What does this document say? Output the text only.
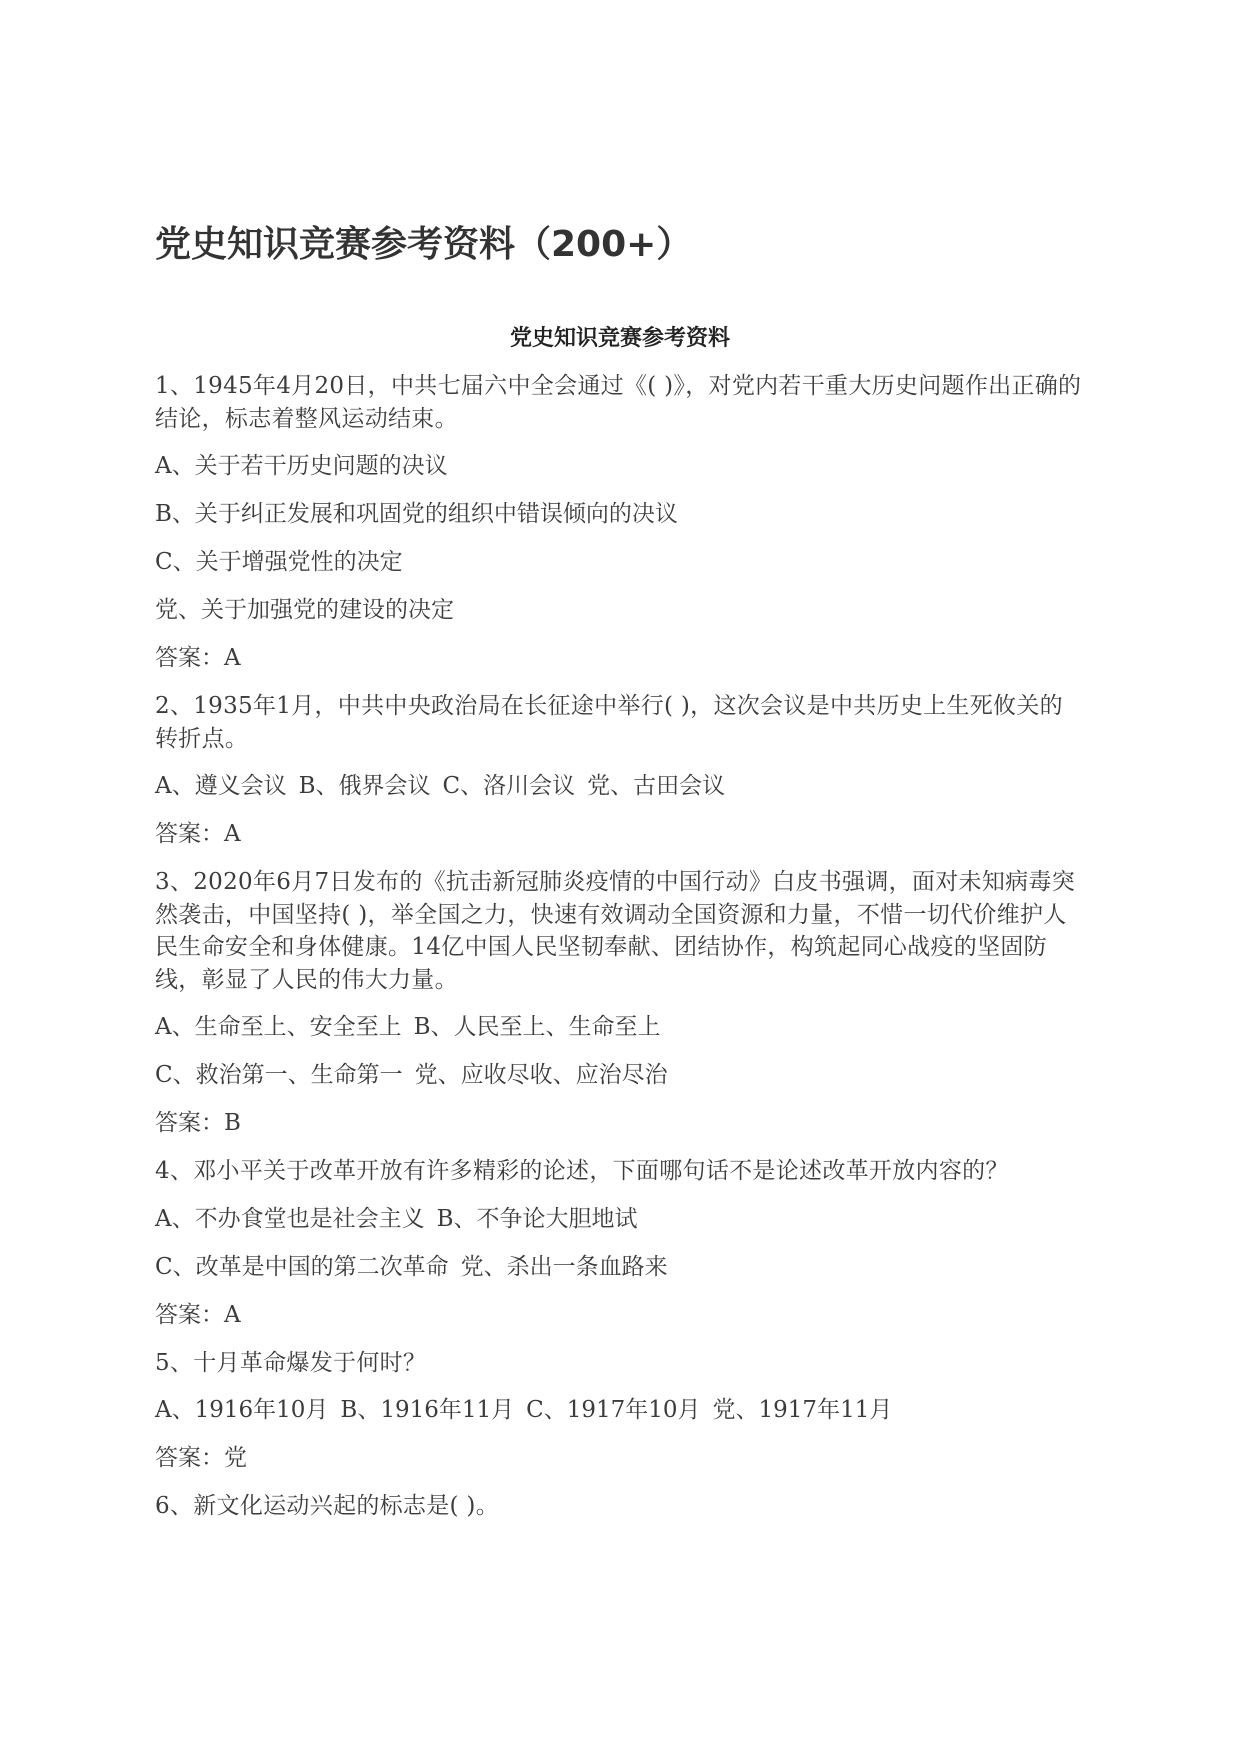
党史知识竞赛参考资料（200+）
党史知识竞赛参考资料
1、1945年4月20日，中共七届六中全会通过《( )》，对党内若干重大历史问题作出正确的结论，标志着整风运动结束。
A、关于若干历史问题的决议
B、关于纠正发展和巩固党的组织中错误倾向的决议
C、关于增强党性的决定
党、关于加强党的建设的决定
答案：A
2、1935年1月，中共中央政治局在长征途中举行( )，这次会议是中共历史上生死攸关的转折点。
A、遵义会议 B、俄界会议 C、洛川会议 党、古田会议
答案：A
3、2020年6月7日发布的《抗击新冠肺炎疫情的中国行动》白皮书强调，面对未知病毒突然袭击，中国坚持( )，举全国之力，快速有效调动全国资源和力量，不惜一切代价维护人民生命安全和身体健康。14亿中国人民坚韧奉献、团结协作，构筑起同心战疫的坚固防线，彰显了人民的伟大力量。
A、生命至上、安全至上 B、人民至上、生命至上
C、救治第一、生命第一 党、应收尽收、应治尽治
答案：B
4、邓小平关于改革开放有许多精彩的论述，下面哪句话不是论述改革开放内容的？
A、不办食堂也是社会主义 B、不争论大胆地试
C、改革是中国的第二次革命 党、杀出一条血路来
答案：A
5、十月革命爆发于何时？
A、1916年10月 B、1916年11月 C、1917年10月 党、1917年11月
答案：党
6、新文化运动兴起的标志是( )。
